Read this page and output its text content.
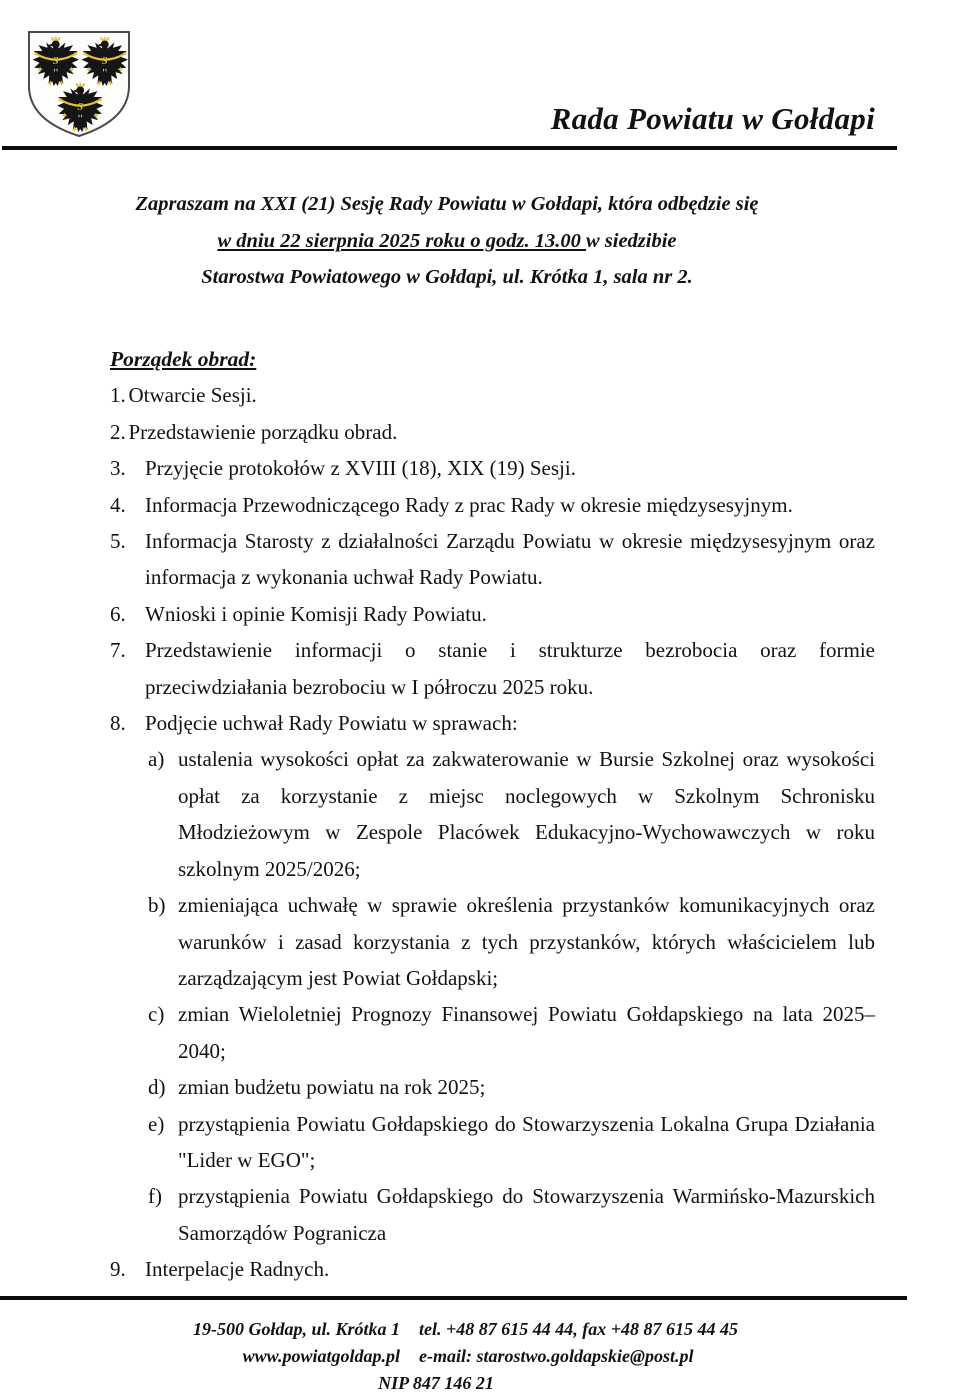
Rada Powiatu w Gołdapi
Zapraszam na XXI (21) Sesję Rady Powiatu w Gołdapi, która odbędzie się
w dniu 22 sierpnia 2025 roku o godz. 13.00 w siedzibie
Starostwa Powiatowego w Gołdapi, ul. Krótka 1, sala nr 2.
Porządek obrad:
1. Otwarcie Sesji.
2. Przedstawienie porządku obrad.
3. Przyjęcie protokołów z XVIII (18), XIX (19) Sesji.
4. Informacja Przewodniczącego Rady z prac Rady w okresie międzysesyjnym.
5. Informacja Starosty z działalności Zarządu Powiatu w okresie międzysesyjnym oraz informacja z wykonania uchwał Rady Powiatu.
6. Wnioski i opinie Komisji Rady Powiatu.
7. Przedstawienie informacji o stanie i strukturze bezrobocia oraz formie przeciwdziałania bezrobociu w I półroczu 2025 roku.
8. Podjęcie uchwał Rady Powiatu w sprawach:
a) ustalenia wysokości opłat za zakwaterowanie w Bursie Szkolnej oraz wysokości opłat za korzystanie z miejsc noclegowych w Szkolnym Schronisku Młodzieżowym w Zespole Placówek Edukacyjno-Wychowawczych w roku szkolnym 2025/2026;
b) zmieniająca uchwałę w sprawie określenia przystanków komunikacyjnych oraz warunków i zasad korzystania z tych przystanków, których właścicielem lub zarządzającym jest Powiat Gołdapski;
c) zmian Wieloletniej Prognozy Finansowej Powiatu Gołdapskiego na lata 2025–2040;
d) zmian budżetu powiatu na rok 2025;
e) przystąpienia Powiatu Gołdapskiego do Stowarzyszenia Lokalna Grupa Działania "Lider w EGO";
f) przystąpienia Powiatu Gołdapskiego do Stowarzyszenia Warmińsko-Mazurskich Samorządów Pogranicza
9. Interpelacje Radnych.
19-500 Gołdap, ul. Krótka 1
www.powiatgoldap.pl
tel. +48 87 615 44 44, fax +48 87 615 44 45
e-mail: starostwo.goldapskie@post.pl
NIP 847 146 21
